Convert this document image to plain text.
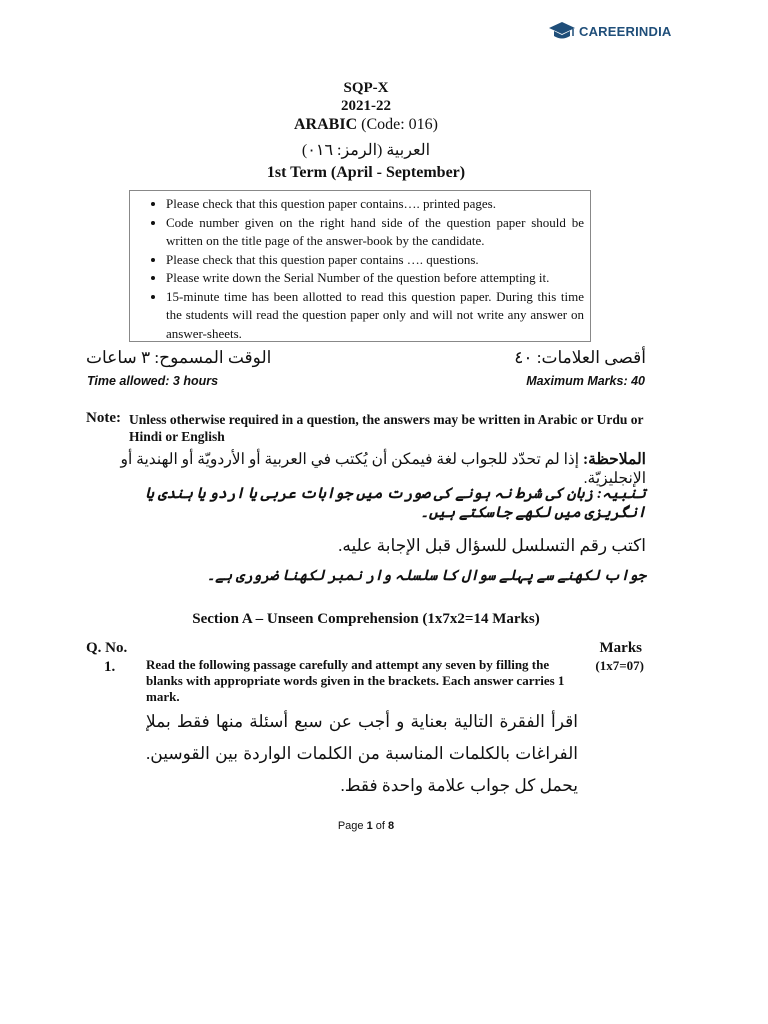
CAREERINDIA
SQP-X
2021-22
ARABIC (Code: 016)
العربية (الرمز: ٠١٦)
1st Term (April - September)
• Please check that this question paper contains…. printed pages.
• Code number given on the right hand side of the question paper should be written on the title page of the answer-book by the candidate.
• Please check that this question paper contains …. questions.
• Please write down the Serial Number of the question before attempting it.
• 15-minute time has been allotted to read this question paper. During this time the students will read the question paper only and will not write any answer on answer-sheets.
الوقت المسموح: ٣ ساعات	أقصى العلامات: ٤٠
Time allowed: 3 hours	Maximum Marks: 40
Note: Unless otherwise required in a question, the answers may be written in Arabic or Urdu or Hindi or English
الملاحظة: إذا لم تحدّد للجواب لغة فيمكن أن يُكتب في العربية أو الأردويّة أو الهندية أو الإنجليزيّة.
تنبیہ: زبان کی شرط نہ ہونے کی صورت میں جوابات عربی یا اردو یا ہندی یا انگریزی میں لکھے جاسکتے ہیں۔
اكتب رقم التسلسل للسؤال قبل الإجابة عليه.
جواب لکھنے سے پہلے سوال کا سلسلہ وار نمبر لکھنا ضروری ہے۔
Section A – Unseen Comprehension (1x7x2=14 Marks)
Q. No.	Marks
1. Read the following passage carefully and attempt any seven by filling the blanks with appropriate words given in the brackets. Each answer carries 1 mark.
(1x7=07)
اقرأ الفقرة التالية بعناية و أجب عن سبع أسئلة منها فقط بملإ الفراغات بالكلمات المناسبة من الكلمات الواردة بين القوسين. يحمل كل جواب علامة واحدة فقط.
Page 1 of 8
